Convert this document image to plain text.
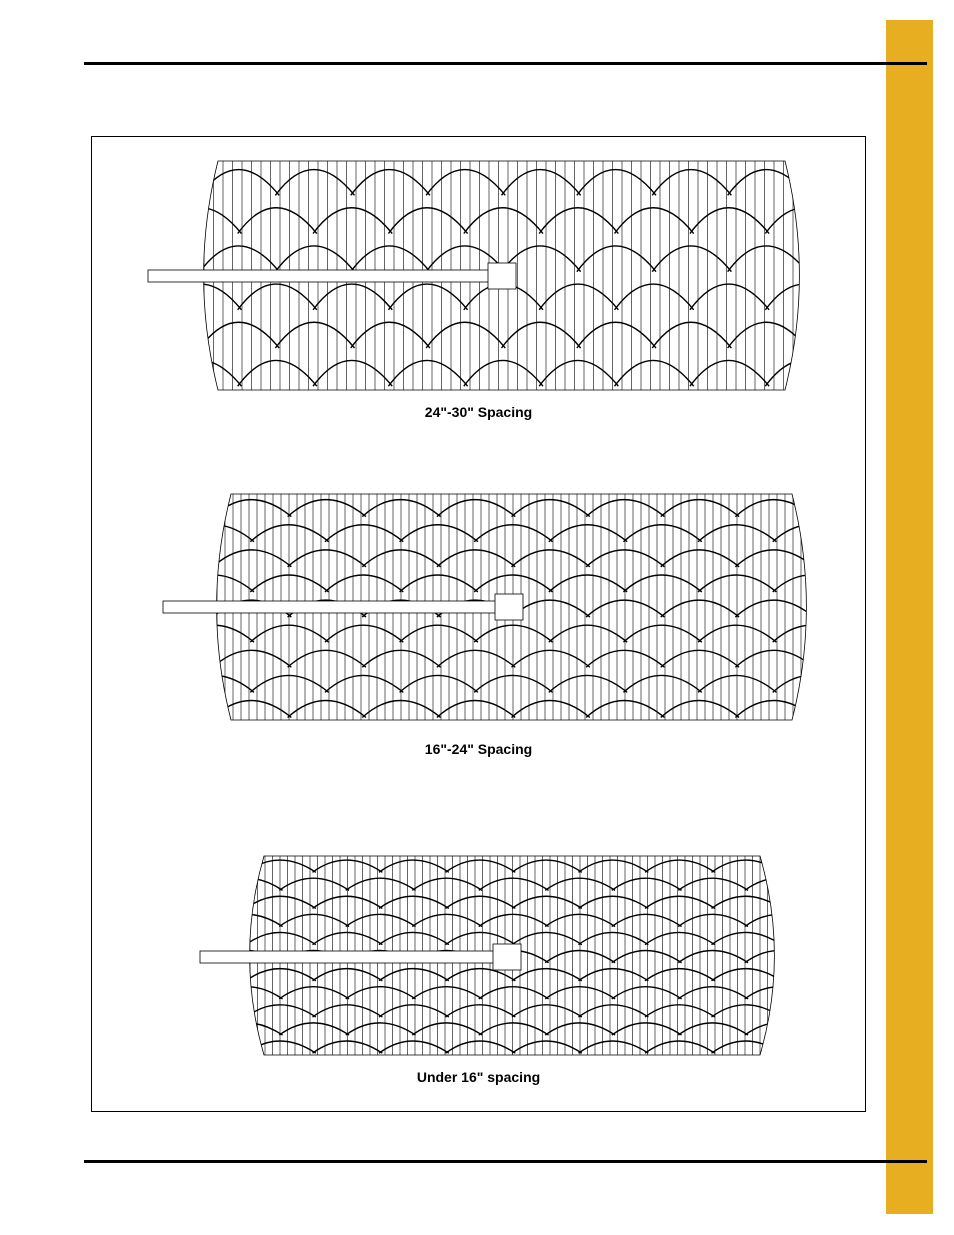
24"-30" Spacing
16"-24" Spacing
Under 16" spacing
